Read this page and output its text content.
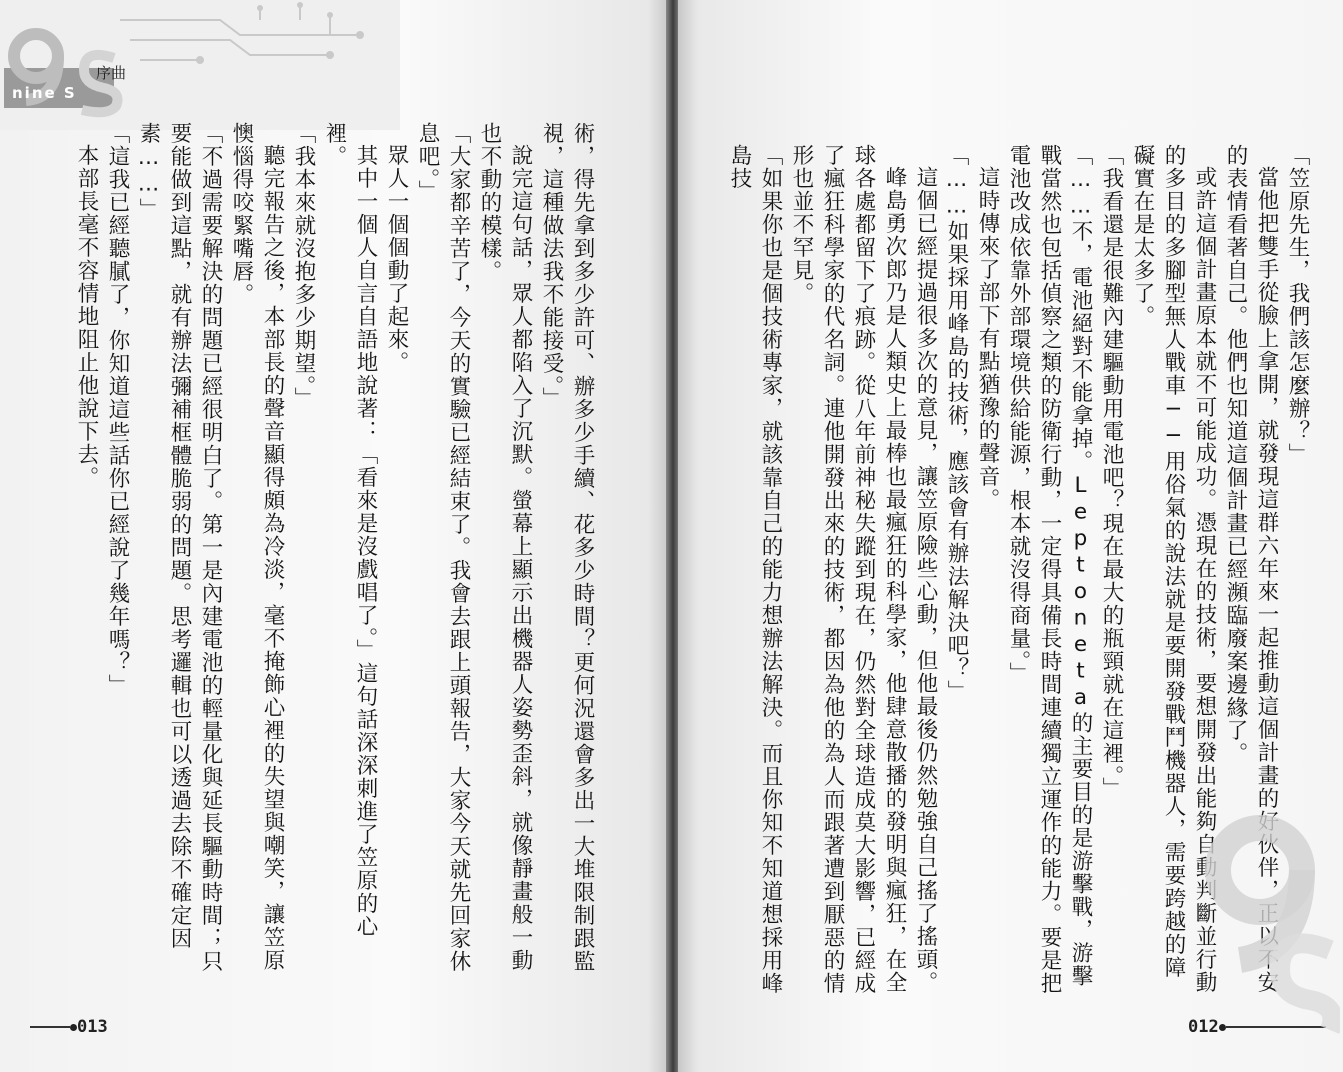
nine S
序曲

術，得先拿到多少許可、辦多少手續、花多少時間？更何況還會多出一大堆限制跟監視，這種做法我不能接受。」

說完這句話，眾人都陷入了沉默。螢幕上顯示出機器人姿勢歪斜，就像靜畫般一動也不動的模樣。

「大家都辛苦了，今天的實驗已經結束了。我會去跟上頭報告，大家今天就先回家休息吧。」

眾人一個個動了起來。

其中一個人自言自語地說著：「看來是沒戲唱了。」這句話深深刺進了笠原的心裡。

「我本來就沒抱多少期望。」

聽完報告之後，本部長的聲音顯得頗為冷淡，毫不掩飾心裡的失望與嘲笑，讓笠原懊惱得咬緊嘴唇。

「不過需要解決的問題已經很明白了。第一是內建電池的輕量化與延長驅動時間；只要能做到這點，就有辦法彌補框體脆弱的問題。思考邏輯也可以透過去除不確定因素……」

「這我已經聽膩了，你知道這些話你已經說了幾年嗎？」

本部長毫不容情地阻止他說下去。

013

「笠原先生，我們該怎麼辦？」

當他把雙手從臉上拿開，就發現這群六年來一起推動這個計畫的好伙伴，正以不安的表情看著自己。他們也知道這個計畫已經瀕臨廢案邊緣了。

或許這個計畫原本就不可能成功。憑現在的技術，要想開發出能夠自動判斷並行動的多目的多腳型無人戰車──用俗氣的說法就是要開發戰鬥機器人，需要跨越的障礙實在是太多了。

「我看還是很難內建驅動用電池吧？現在最大的瓶頸就在這裡。」

「……不，電池絕對不能拿掉。Leptoneta的主要目的是游擊戰，游擊戰當然也包括偵察之類的防衛行動，一定得具備長時間連續獨立運作的能力。要是把電池改成依靠外部環境供給能源，根本就沒得商量。」

這時傳來了部下有點猶豫的聲音。

「……如果採用峰島的技術，應該會有辦法解決吧？」

這個已經提過很多次的意見，讓笠原險些心動，但他最後仍然勉強自己搖了搖頭。

峰島勇次郎乃是人類史上最棒也最瘋狂的科學家，他肆意散播的發明與瘋狂，在全球各處都留下了痕跡。從八年前神秘失蹤到現在，仍然對全球造成莫大影響，已經成了瘋狂科學家的代名詞。連他開發出來的技術，都因為他的為人而跟著遭到厭惡的情形也並不罕見。

「如果你也是個技術專家，就該靠自己的能力想辦法解決。而且你知不知道想採用峰島技

012
